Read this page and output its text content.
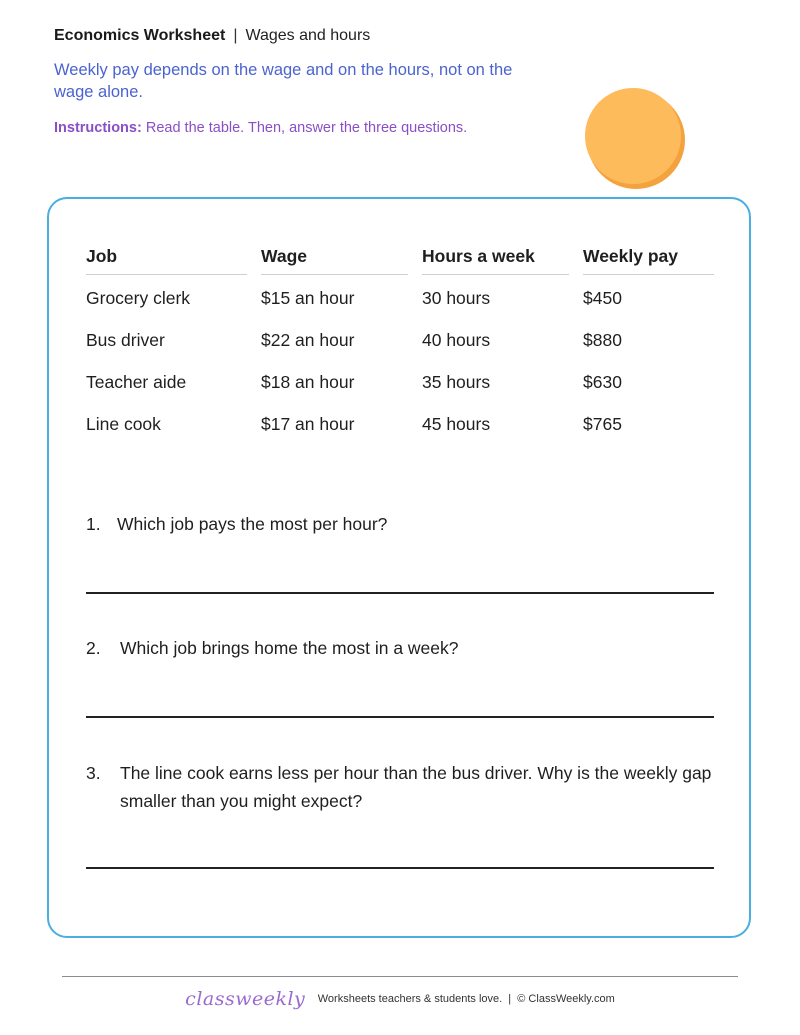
Economics Worksheet | Wages and hours
Weekly pay depends on the wage and on the hours, not on the wage alone.
Instructions: Read the table. Then, answer the three questions.
Job	Wage	Hours a week	Weekly pay
Grocery clerk	$15 an hour	30 hours	$450
Bus driver	$22 an hour	40 hours	$880
Teacher aide	$18 an hour	35 hours	$630
Line cook	$17 an hour	45 hours	$765
1. Which job pays the most per hour?
2.	Which job brings home the most in a week?
3.	The line cook earns less per hour than the bus driver. Why is the weekly gap smaller than you might expect?
classweekly Worksheets teachers & students love.  |  © ClassWeekly.com
